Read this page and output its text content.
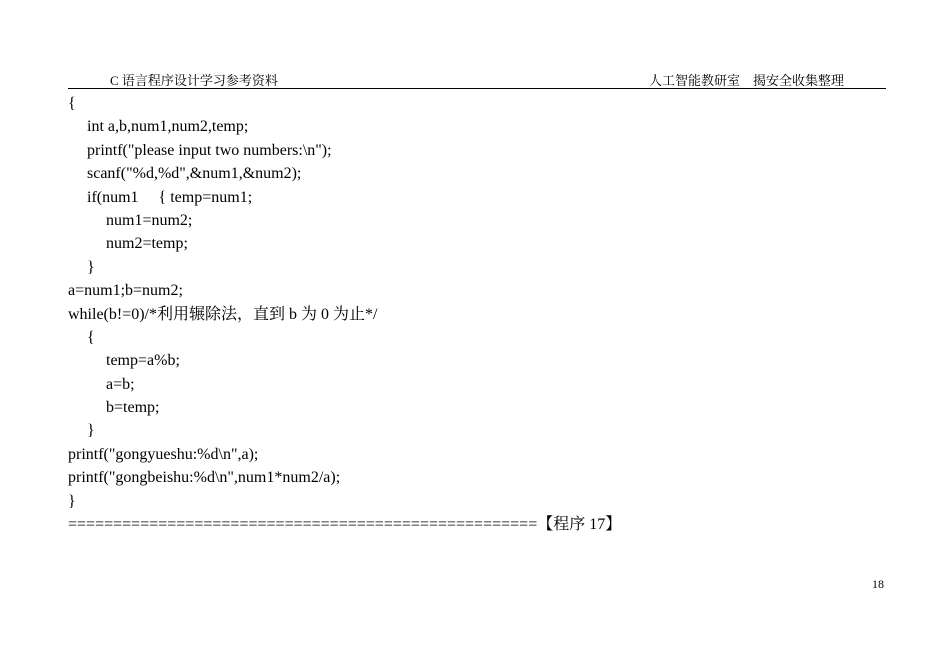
C 语言程序设计学习参考资料	人工智能教研室　揭安全收集整理
{
int a,b,num1,num2,temp;
printf("please input two numbers:\n");
scanf("%d,%d",&num1,&num2);
if(num1     { temp=num1;
num1=num2;
num2=temp;
}
a=num1;b=num2;
while(b!=0)/*利用辗除法，直到 b 为 0 为止*/
{
temp=a%b;
a=b;
b=temp;
}
printf("gongyueshu:%d\n",a);
printf("gongbeishu:%d\n",num1*num2/a);
}
====================================================【程序 17】
18
